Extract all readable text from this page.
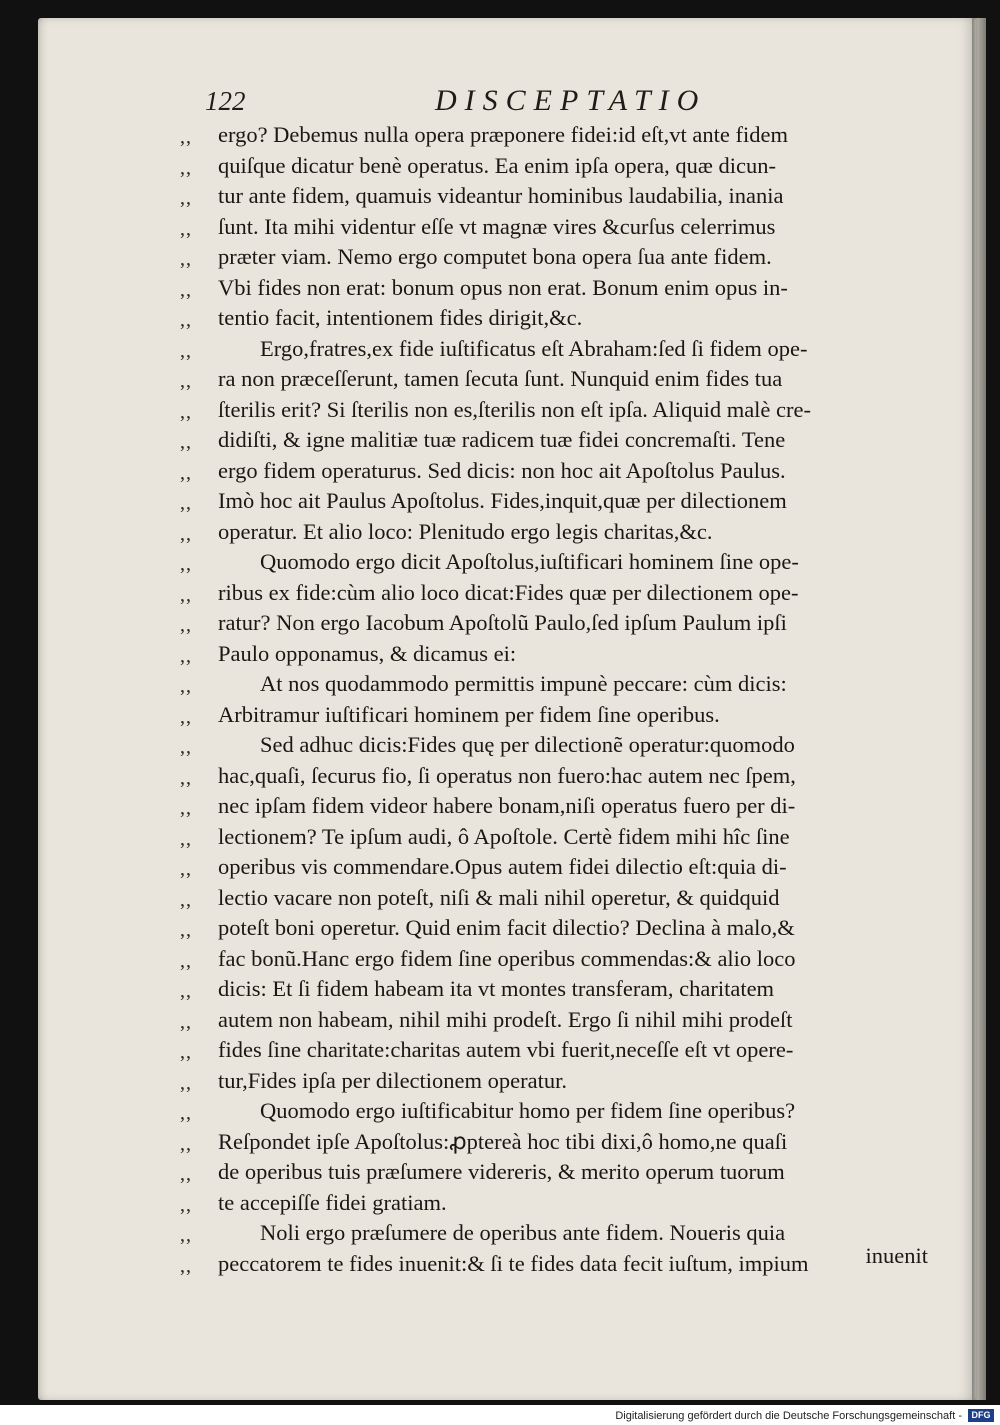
122	DISCEPTATIO
,, ergo? Debemus nulla opera præponere fidei:id eſt,vt ante fidem
,, quiſque dicatur benè operatus. Ea enim ipſa opera, quæ dicun-
,, tur ante fidem, quamuis videantur hominibus laudabilia, inania
,, ſunt. Ita mihi videntur eſſe vt magnæ vires &curſus celerrimus
,, præter viam. Nemo ergo computet bona opera ſua ante fidem.
,, Vbi fides non erat: bonum opus non erat. Bonum enim opus in-
,, tentio facit, intentionem fides dirigit,&c.
,,	Ergo,fratres,ex fide iuſtificatus eſt Abraham:ſed ſi fidem ope-
,, ra non præceſſerunt, tamen ſecuta ſunt. Nunquid enim fides tua
,, ſterilis erit? Si ſterilis non es,ſterilis non eſt ipſa. Aliquid malè cre-
,, didiſti, & igne malitiæ tuæ radicem tuæ fidei concremaſti. Tene
,, ergo fidem operaturus. Sed dicis: non hoc ait Apoſtolus Paulus.
,, Imò hoc ait Paulus Apoſtolus. Fides,inquit,quæ per dilectionem
,, operatur. Et alio loco: Plenitudo ergo legis charitas,&c.
,,	Quomodo ergo dicit Apoſtolus,iuſtificari hominem ſine ope-
,, ribus ex fide:cùm alio loco dicat:Fides quæ per dilectionem ope-
,, ratur? Non ergo Iacobum Apoſtolũ Paulo,ſed ipſum Paulum ipſi
,, Paulo opponamus, & dicamus ei:
,,	At nos quodammodo permittis impunè peccare: cùm dicis:
,, Arbitramur iuſtificari hominem per fidem ſine operibus.
,,	Sed adhuc dicis:Fides quę per dilectionẽ operatur:quomodo
,, hac,quaſi, ſecurus fio, ſi operatus non fuero:hac autem nec ſpem,
,, nec ipſam fidem videor habere bonam,niſi operatus fuero per di-
,, lectionem? Te ipſum audi, ô Apoſtole. Certè fidem mihi hîc ſine
,, operibus vis commendare.Opus autem fidei dilectio eſt:quia di-
,, lectio vacare non poteſt, niſi & mali nihil operetur, & quidquid
,, poteſt boni operetur. Quid enim facit dilectio? Declina à malo,&
,, fac bonũ.Hanc ergo fidem ſine operibus commendas:& alio loco
,, dicis: Et ſi fidem habeam ita vt montes transferam, charitatem
,, autem non habeam, nihil mihi prodeſt. Ergo ſi nihil mihi prodeſt
,, fides ſine charitate:charitas autem vbi fuerit,neceſſe eſt vt opere-
,, tur,Fides ipſa per dilectionem operatur.
,,	Quomodo ergo iuſtificabitur homo per fidem ſine operibus?
,, Reſpondet ipſe Apoſtolus:ꝓptereà hoc tibi dixi,ô homo,ne quaſi
,, de operibus tuis præſumere videreris, & merito operum tuorum
,, te accepiſſe fidei gratiam.
,,	Noli ergo præſumere de operibus ante fidem. Noueris quia
,, peccatorem te fides inuenit:& ſi te fides data fecit iuſtum, impium	inuenit
Digitalisierung gefördert durch die Deutsche Forschungsgemeinschaft -	DFG
